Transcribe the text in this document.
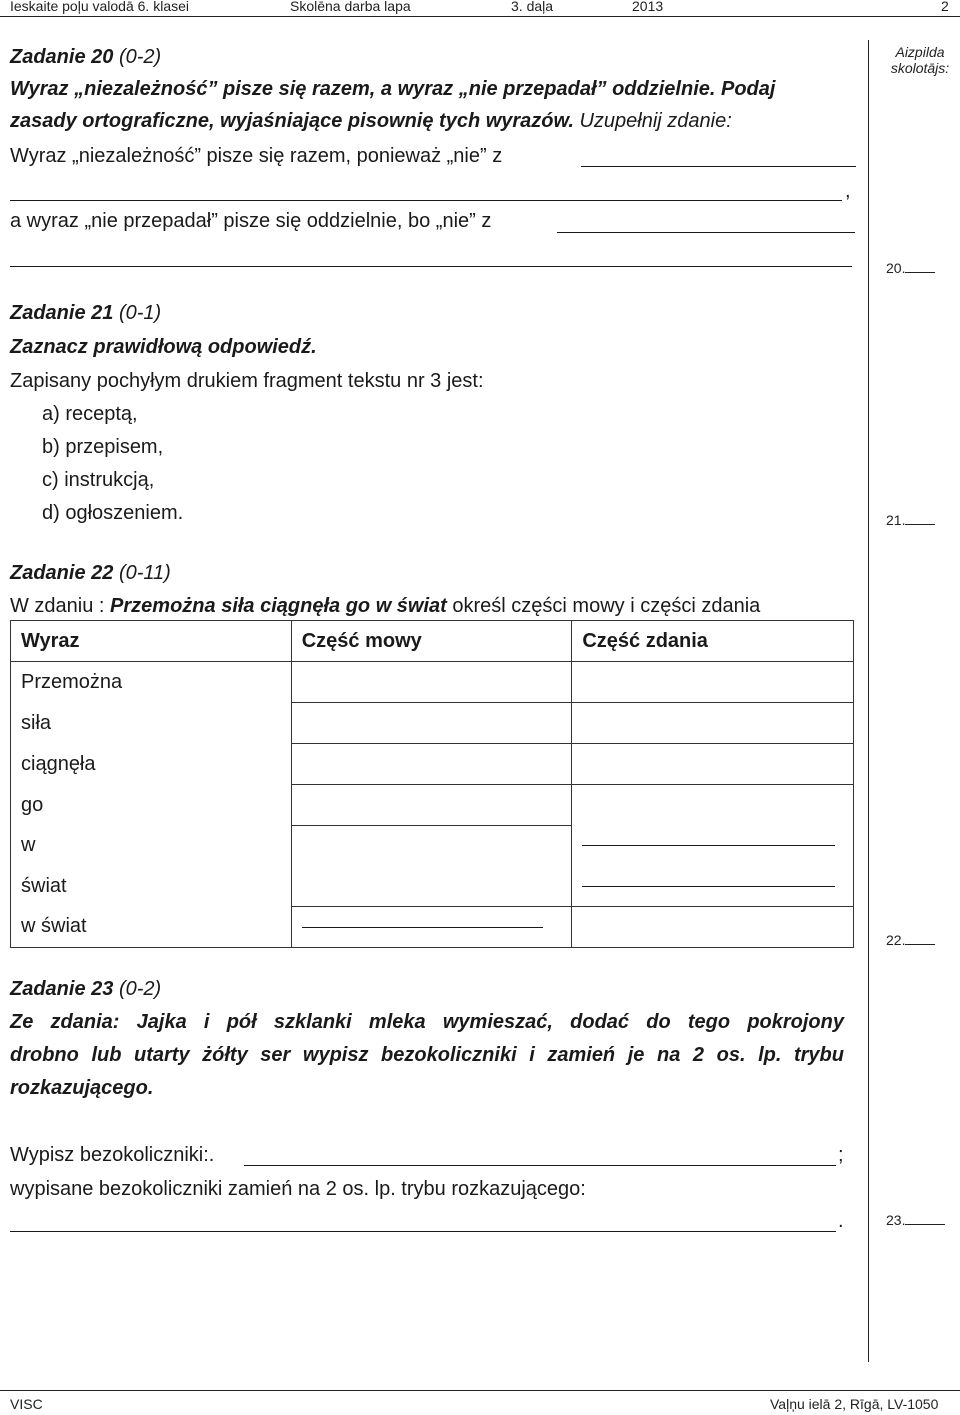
Ieskaite poļu valodā 6. klasei	Skolēna darba lapa	3. daļa	2013	2
Aizpilda
skolotājs:
20.
21.
22.
23.
Zadanie 20 (0-2)
Wyraz „niezależność” pisze się razem, a wyraz „nie przepadał” oddzielnie. Podaj
zasady ortograficzne, wyjaśniające pisownię tych wyrazów. Uzupełnij zdanie:
Wyraz „niezależność” pisze się razem, ponieważ „nie” z
,
a wyraz „nie przepadał” pisze się oddzielnie, bo „nie” z
Zadanie 21 (0-1)
Zaznacz prawidłową odpowiedź.
Zapisany pochyłym drukiem fragment tekstu nr 3 jest:
a) receptą,
b) przepisem,
c) instrukcją,
d) ogłoszeniem.
Zadanie 22 (0-11)
W zdaniu : Przemożna siła ciągnęła go w świat określ części mowy i części zdania
Wyraz	Część mowy	Część zdania
Przemożna		
siła		
ciągnęła		
go		
w		

świat		

w świat	

Zadanie 23 (0-2)
Ze zdania: Jajka i pół szklanki mleka wymieszać, dodać do tego pokrojony
drobno lub utarty żółty ser wypisz bezokoliczniki i zamień je na 2 os. lp. trybu
rozkazującego.
Wypisz bezokoliczniki:.	;
wypisane bezokoliczniki zamień na 2 os. lp. trybu rozkazującego:
.
VISC	Vaļņu ielā 2, Rīgā, LV-1050
